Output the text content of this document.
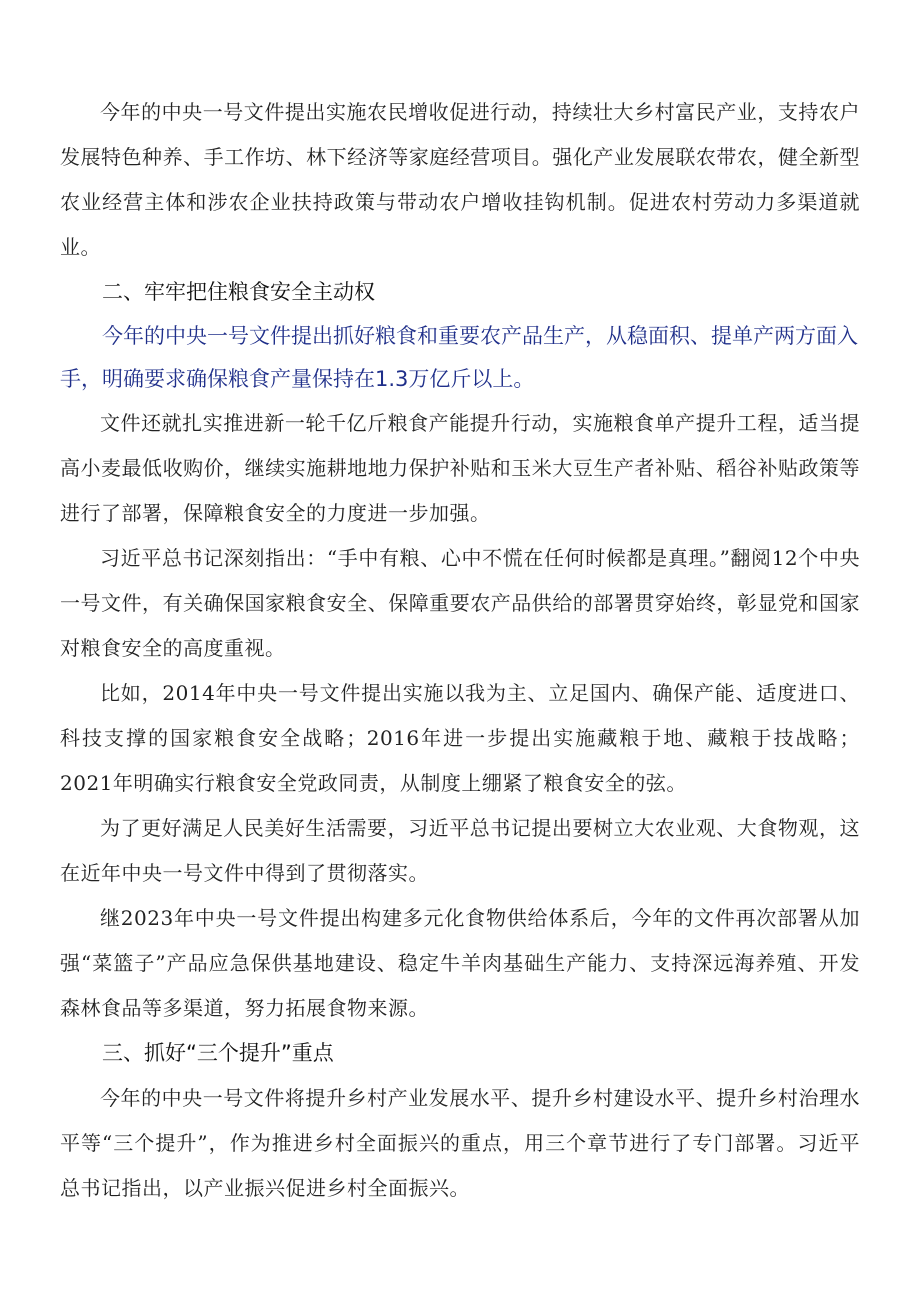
今年的中央一号文件提出实施农民增收促进行动，持续壮大乡村富民产业，支持农户发展特色种养、手工作坊、林下经济等家庭经营项目。强化产业发展联农带农，健全新型农业经营主体和涉农企业扶持政策与带动农户增收挂钩机制。促进农村劳动力多渠道就业。

二、牢牢把住粮食安全主动权

今年的中央一号文件提出抓好粮食和重要农产品生产，从稳面积、提单产两方面入手，明确要求确保粮食产量保持在1.3万亿斤以上。

文件还就扎实推进新一轮千亿斤粮食产能提升行动，实施粮食单产提升工程，适当提高小麦最低收购价，继续实施耕地地力保护补贴和玉米大豆生产者补贴、稻谷补贴政策等进行了部署，保障粮食安全的力度进一步加强。

习近平总书记深刻指出：“手中有粮、心中不慌在任何时候都是真理。”翻阅12个中央一号文件，有关确保国家粮食安全、保障重要农产品供给的部署贯穿始终，彰显党和国家对粮食安全的高度重视。

比如，2014年中央一号文件提出实施以我为主、立足国内、确保产能、适度进口、科技支撑的国家粮食安全战略；2016年进一步提出实施藏粮于地、藏粮于技战略；2021年明确实行粮食安全党政同责，从制度上绷紧了粮食安全的弦。

为了更好满足人民美好生活需要，习近平总书记提出要树立大农业观、大食物观，这在近年中央一号文件中得到了贯彻落实。

继2023年中央一号文件提出构建多元化食物供给体系后，今年的文件再次部署从加强“菜篮子”产品应急保供基地建设、稳定牛羊肉基础生产能力、支持深远海养殖、开发森林食品等多渠道，努力拓展食物来源。

三、抓好“三个提升”重点

今年的中央一号文件将提升乡村产业发展水平、提升乡村建设水平、提升乡村治理水平等“三个提升”，作为推进乡村全面振兴的重点，用三个章节进行了专门部署。习近平总书记指出，以产业振兴促进乡村全面振兴。
